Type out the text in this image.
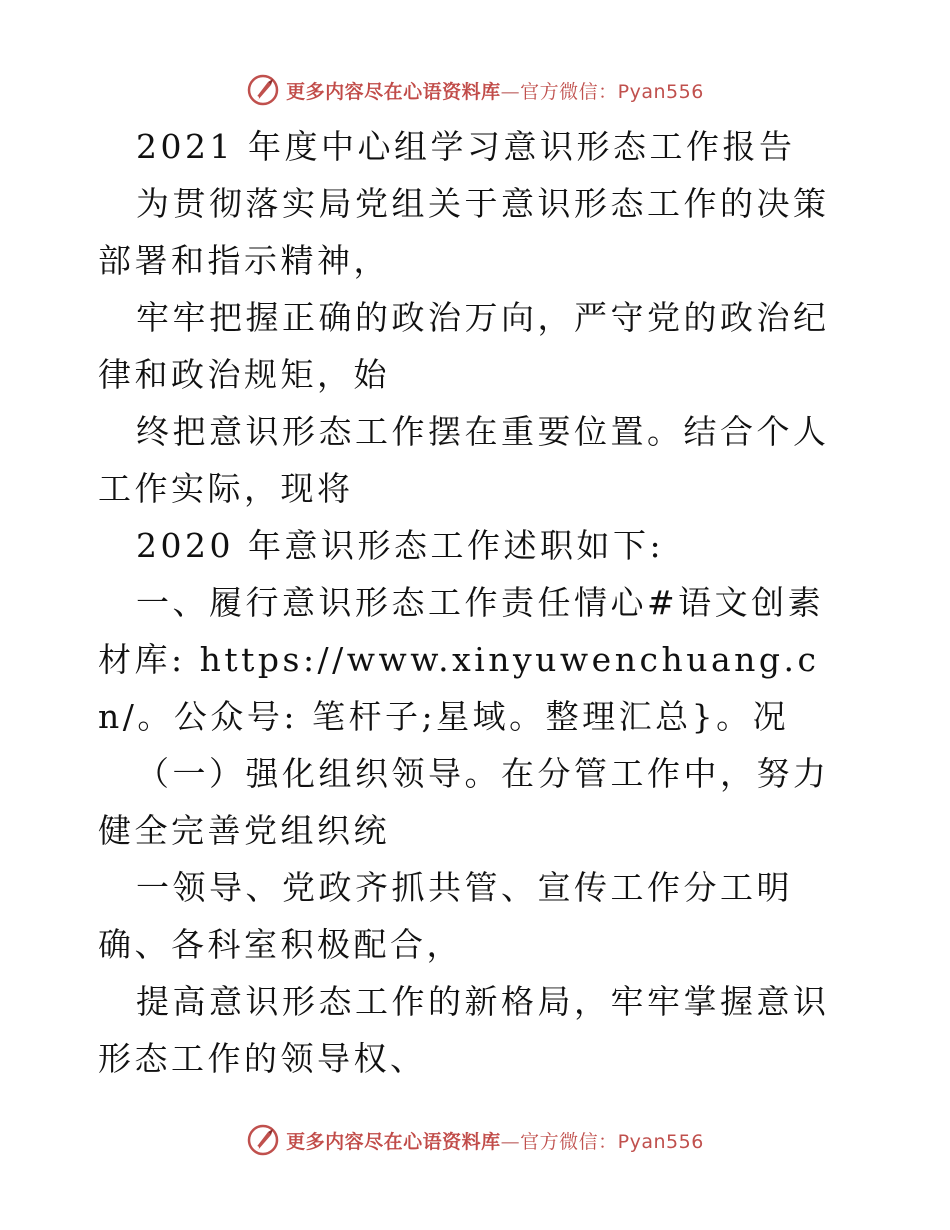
更多内容尽在心语资料库—官方微信：Pyan556

2021 年度中心组学习意识形态工作报告

为贯彻落实局党组关于意识形态工作的决策部署和指示精神，

牢牢把握正确的政治万向，严守党的政治纪律和政治规矩，始

终把意识形态工作摆在重要位置。结合个人工作实际，现将

2020 年意识形态工作述职如下:

一、履行意识形态工作责任情心#语文创素材库: https://www.xinyuwenchuang.cn/。公众号: 笔杆子;星域。整理汇总}。况

（一）强化组织领导。在分管工作中，努力健全完善党组织统

一领导、党政齐抓共管、宣传工作分工明确、各科室积极配合，

提高意识形态工作的新格局，牢牢掌握意识形态工作的领导权、

更多内容尽在心语资料库—官方微信：Pyan556
